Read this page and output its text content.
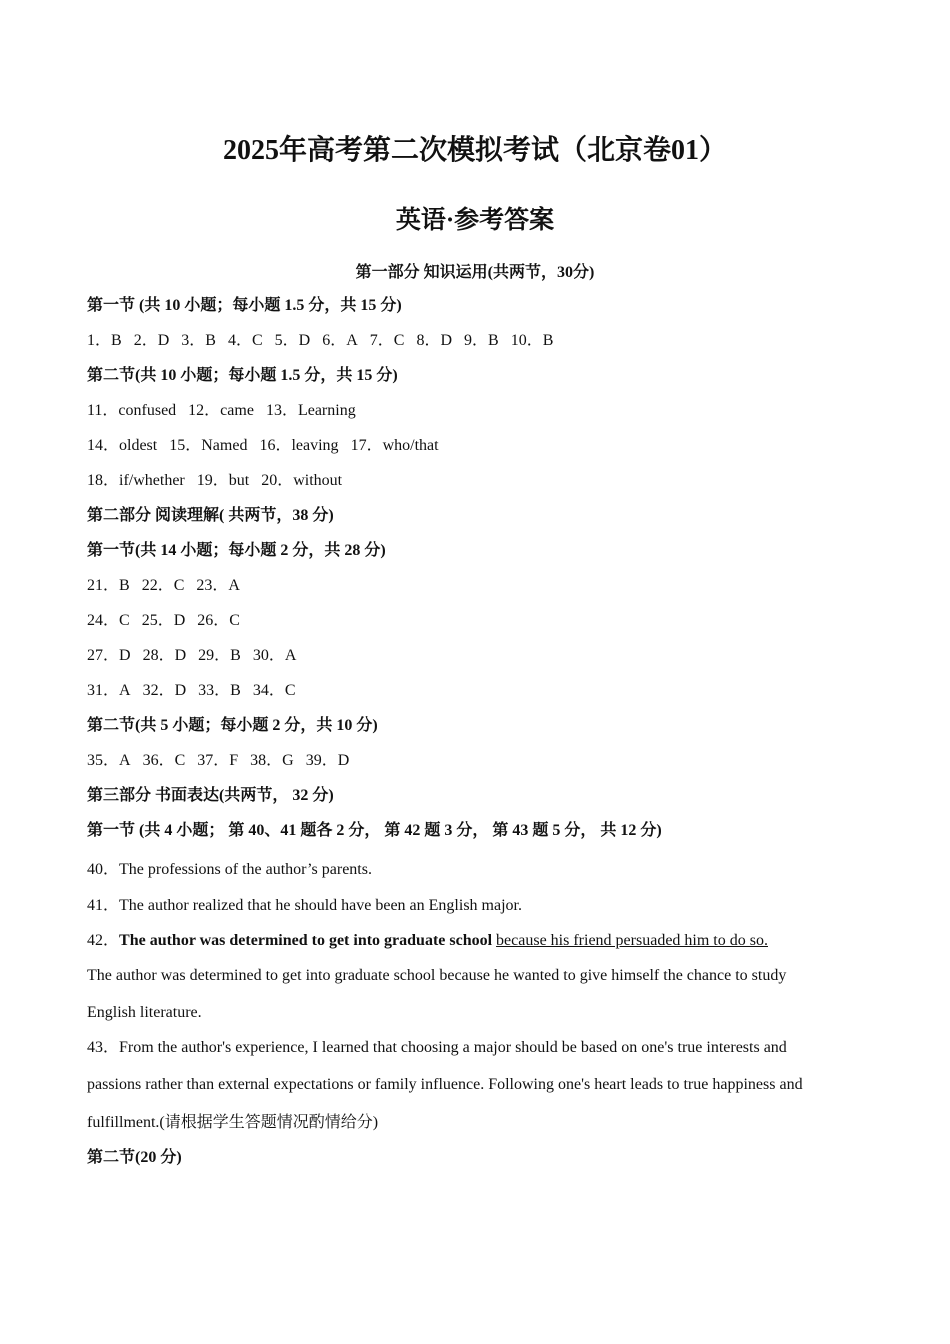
2025年高考第二次模拟考试（北京卷01）
英语·参考答案
第一部分 知识运用(共两节，30分)
第一节 (共 10 小题；每小题 1.5 分，共 15 分)
1．B 2．D 3．B 4．C 5．D 6．A 7．C 8．D 9．B 10．B
第二节(共 10 小题；每小题 1.5 分，共 15 分)
11．confused 12．came 13．Learning
14．oldest 15．Named 16．leaving 17．who/that
18．if/whether 19．but 20．without
第二部分 阅读理解( 共两节，38 分)
第一节(共 14 小题；每小题 2 分，共 28 分)
21．B 22．C 23．A
24．C 25．D 26．C
27．D 28．D 29．B 30．A
31．A 32．D 33．B 34．C
第二节(共 5 小题；每小题 2 分，共 10 分)
35．A 36．C 37．F 38．G 39．D
第三部分 书面表达(共两节， 32 分)
第一节 (共 4 小题； 第 40、41 题各 2 分， 第 42 题 3 分， 第 43 题 5 分， 共 12 分)
40．The professions of the author’s parents.
41．The author realized that he should have been an English major.
42．The author was determined to get into graduate school because his friend persuaded him to do so.
The author was determined to get into graduate school because he wanted to give himself the chance to study
English literature.
43．From the author's experience, I learned that choosing a major should be based on one's true interests and
passions rather than external expectations or family influence. Following one's heart leads to true happiness and
fulfillment.(请根据学生答题情况酌情给分)
第二节(20 分)
